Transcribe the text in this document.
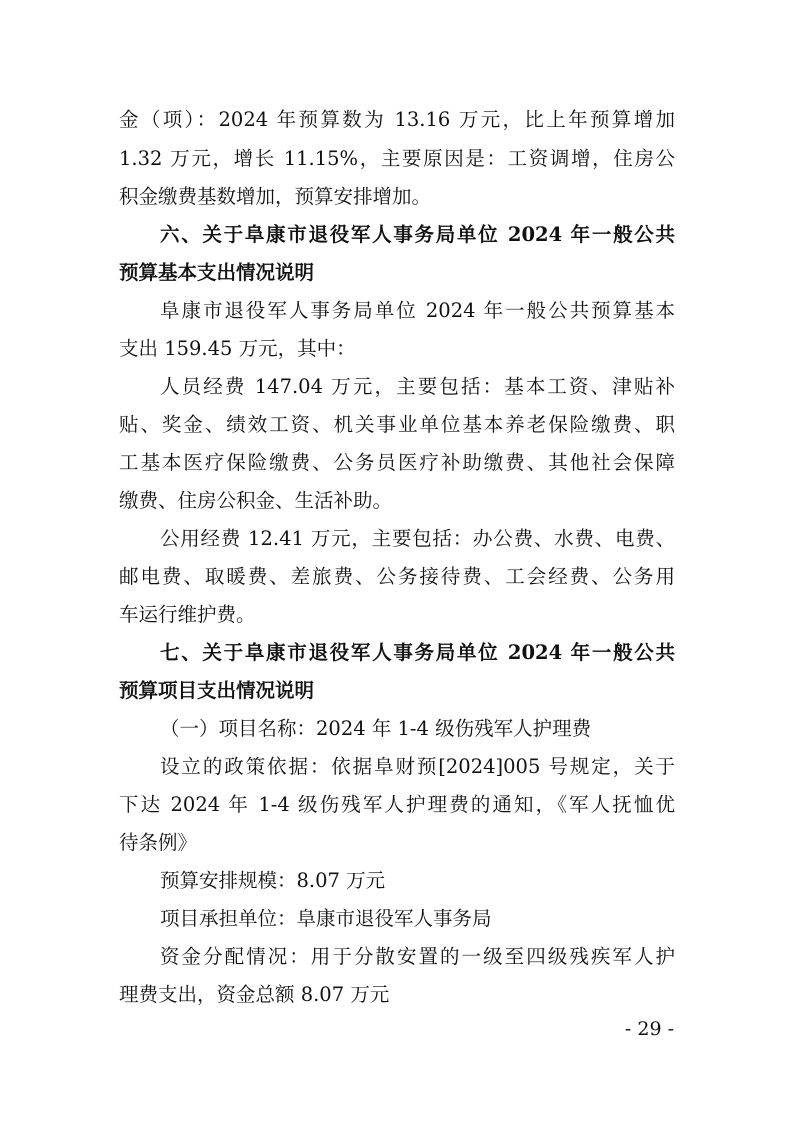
金（项）：2024 年预算数为 13.16 万元，比上年预算增加
1.32 万元，增长 11.15%，主要原因是：工资调增，住房公
积金缴费基数增加，预算安排增加。
六、关于阜康市退役军人事务局单位 2024 年一般公共
预算基本支出情况说明
阜康市退役军人事务局单位 2024 年一般公共预算基本
支出 159.45 万元，其中：
人员经费 147.04 万元，主要包括：基本工资、津贴补
贴、奖金、绩效工资、机关事业单位基本养老保险缴费、职
工基本医疗保险缴费、公务员医疗补助缴费、其他社会保障
缴费、住房公积金、生活补助。
公用经费 12.41 万元，主要包括：办公费、水费、电费、
邮电费、取暖费、差旅费、公务接待费、工会经费、公务用
车运行维护费。
七、关于阜康市退役军人事务局单位 2024 年一般公共
预算项目支出情况说明
（一）项目名称：2024 年 1-4 级伤残军人护理费
设立的政策依据：依据阜财预[2024]005 号规定，关于
下达 2024 年 1-4 级伤残军人护理费的通知，《军人抚恤优
待条例》
预算安排规模：8.07 万元
项目承担单位：阜康市退役军人事务局
资金分配情况：用于分散安置的一级至四级残疾军人护
理费支出，资金总额 8.07 万元
- 29 -
